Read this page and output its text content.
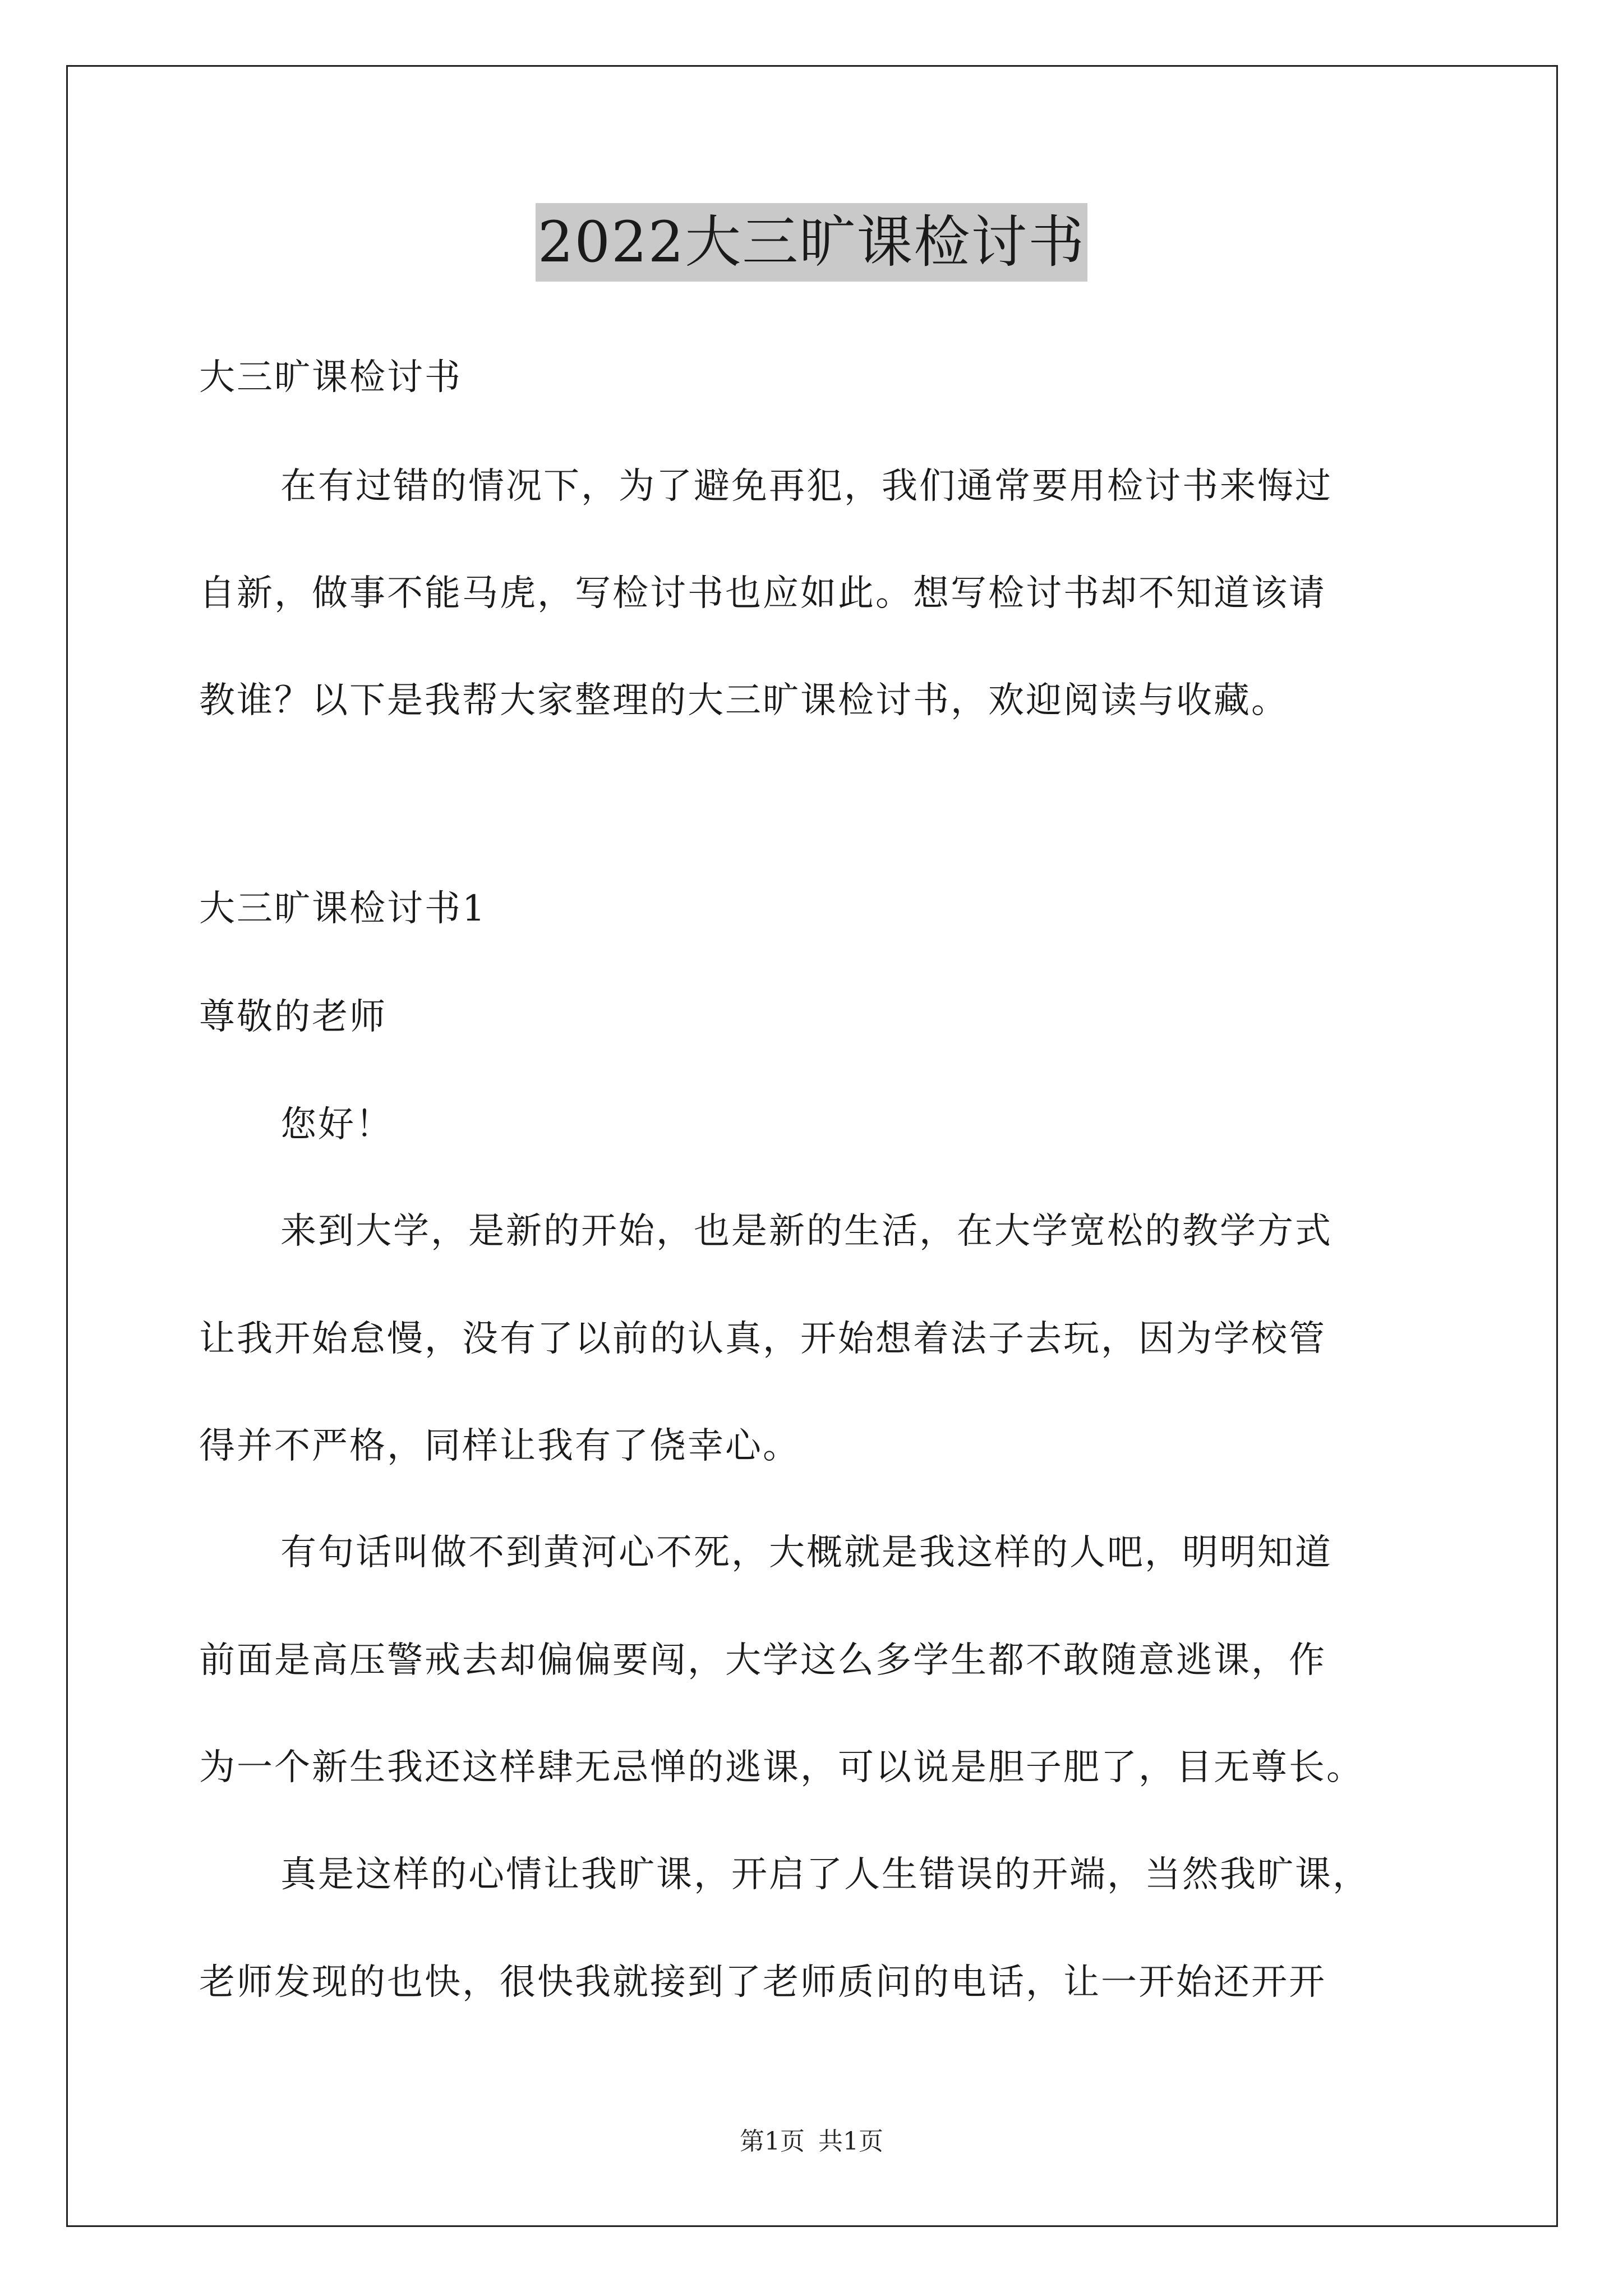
2022大三旷课检讨书
大三旷课检讨书
在有过错的情况下，为了避免再犯，我们通常要用检讨书来悔过
自新，做事不能马虎，写检讨书也应如此。想写检讨书却不知道该请
教谁？以下是我帮大家整理的大三旷课检讨书，欢迎阅读与收藏。
大三旷课检讨书1
尊敬的老师
您好！
来到大学，是新的开始，也是新的生活，在大学宽松的教学方式
让我开始怠慢，没有了以前的认真，开始想着法子去玩，因为学校管
得并不严格，同样让我有了侥幸心。
有句话叫做不到黄河心不死，大概就是我这样的人吧，明明知道
前面是高压警戒去却偏偏要闯，大学这么多学生都不敢随意逃课，作
为一个新生我还这样肆无忌惮的逃课，可以说是胆子肥了，目无尊长。
真是这样的心情让我旷课，开启了人生错误的开端，当然我旷课，
老师发现的也快，很快我就接到了老师质问的电话，让一开始还开开
第1页 共1页
